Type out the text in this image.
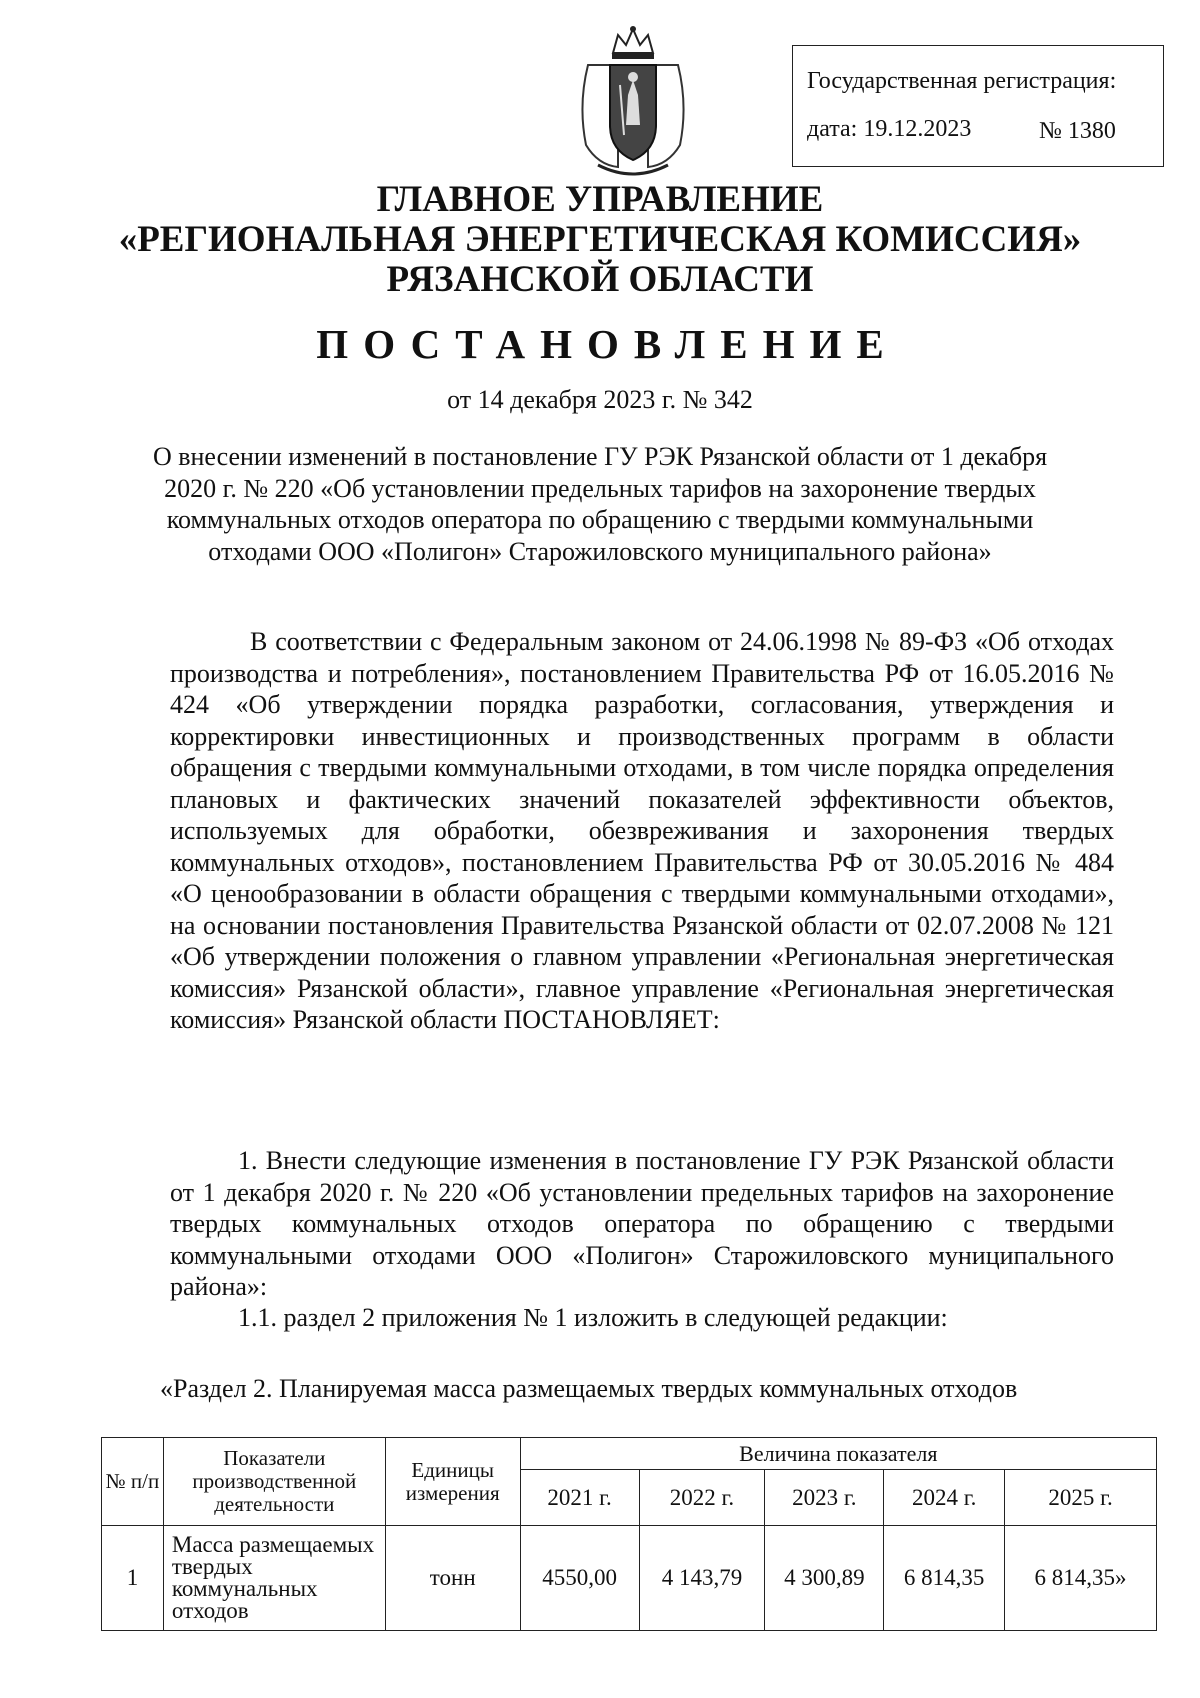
Государственная регистрация:
дата: 19.12.2023	№ 1380
ГЛАВНОЕ УПРАВЛЕНИЕ
«РЕГИОНАЛЬНАЯ ЭНЕРГЕТИЧЕСКАЯ КОМИССИЯ»
РЯЗАНСКОЙ ОБЛАСТИ
ПОСТАНОВЛЕНИЕ
от 14 декабря 2023 г. № 342
О внесении изменений в постановление ГУ РЭК Рязанской области от 1 декабря 2020 г. № 220 «Об установлении предельных тарифов на захоронение твердых коммунальных отходов оператора по обращению с твердыми коммунальными отходами ООО «Полигон» Старожиловского муниципального района»
В соответствии с Федеральным законом от 24.06.1998 № 89-ФЗ «Об отходах производства и потребления», постановлением Правительства РФ от 16.05.2016 № 424 «Об утверждении порядка разработки, согласования, утверждения и корректировки инвестиционных и производственных программ в области обращения с твердыми коммунальными отходами, в том числе порядка определения плановых и фактических значений показателей эффективности объектов, используемых для обработки, обезвреживания и захоронения твердых коммунальных отходов», постановлением Правительства РФ от 30.05.2016 № 484 «О ценообразовании в области обращения с твердыми коммунальными отходами», на основании постановления Правительства Рязанской области от 02.07.2008 № 121 «Об утверждении положения о главном управлении «Региональная энергетическая комиссия» Рязанской области», главное управление «Региональная энергетическая комиссия» Рязанской области ПОСТАНОВЛЯЕТ:
1. Внести следующие изменения в постановление ГУ РЭК Рязанской области от 1 декабря 2020 г. № 220 «Об установлении предельных тарифов на захоронение твердых коммунальных отходов оператора по обращению с твердыми коммунальными отходами ООО «Полигон» Старожиловского муниципального района»:
1.1. раздел 2 приложения № 1 изложить в следующей редакции:
«Раздел 2. Планируемая масса размещаемых твердых коммунальных отходов
№ п/п	Показатели производственной деятельности	Единицы измерения	Величина показателя				
			2021 г.	2022 г.	2023 г.	2024 г.	2025 г.
1	Масса размещаемых твердых коммунальных отходов	тонн	4550,00	4 143,79	4 300,89	6 814,35	6 814,35»
